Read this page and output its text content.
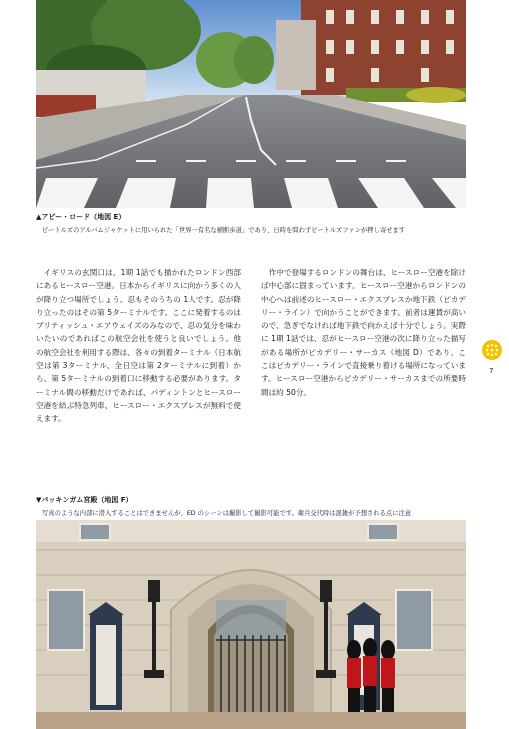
▲アビー・ロード（地図 E）
ビートルズのアルバムジャケットに用いられた「世界一有名な横断歩道」であり、日時を問わずビートルズファンが押し寄せます

イギリスの玄関口は、1期 1話でも描かれたロンドン西部にあるヒースロー空港。日本からイギリスに向かう多くの人が降り立つ場所でしょう。忍もそのうちの 1人です。忍が降り立ったのはその第 5ターミナルです。ここに発着するのはブリティッシュ・エアウェイズのみなので、忍の気分を味わいたいのであればこの航空会社を使うと良いでしょう。他の航空会社を利用する際は、各々の到着ターミナル（日本航空は第 3ターミナル、全日空は第 2ターミナルに到着）から、第 5ターミナルの到着口に移動する必要があります。ターミナル間の移動だけであれば、パディントンとヒースロー空港を結ぶ特急列車、ヒースロー・エクスプレスが無料で使えます。

作中で登場するロンドンの舞台は、ヒースロー空港を除けば中心部に固まっています。ヒースロー空港からロンドンの中心へは前述のヒースロー・エクスプレスか地下鉄（ピカデリー・ライン）で向かうことができます。前者は運賃が高いので、急ぎでなければ地下鉄で向かえば十分でしょう。実際に 1期 1話では、忍がヒースロー空港の次に降り立った描写がある場所がピカデリー・サーカス（地図 D）であり、ここはピカデリー・ラインで直接乗り着ける場所になっています。ヒースロー空港からピカデリー・サーカスまでの所要時間は約 50分。

7
▼バッキンガム宮殿（地図 F）
写真のような内部に潜入することはできませんが、ED のシーンは撮影して撮影可能です。衛兵交代時は混雑が予想される点に注意
